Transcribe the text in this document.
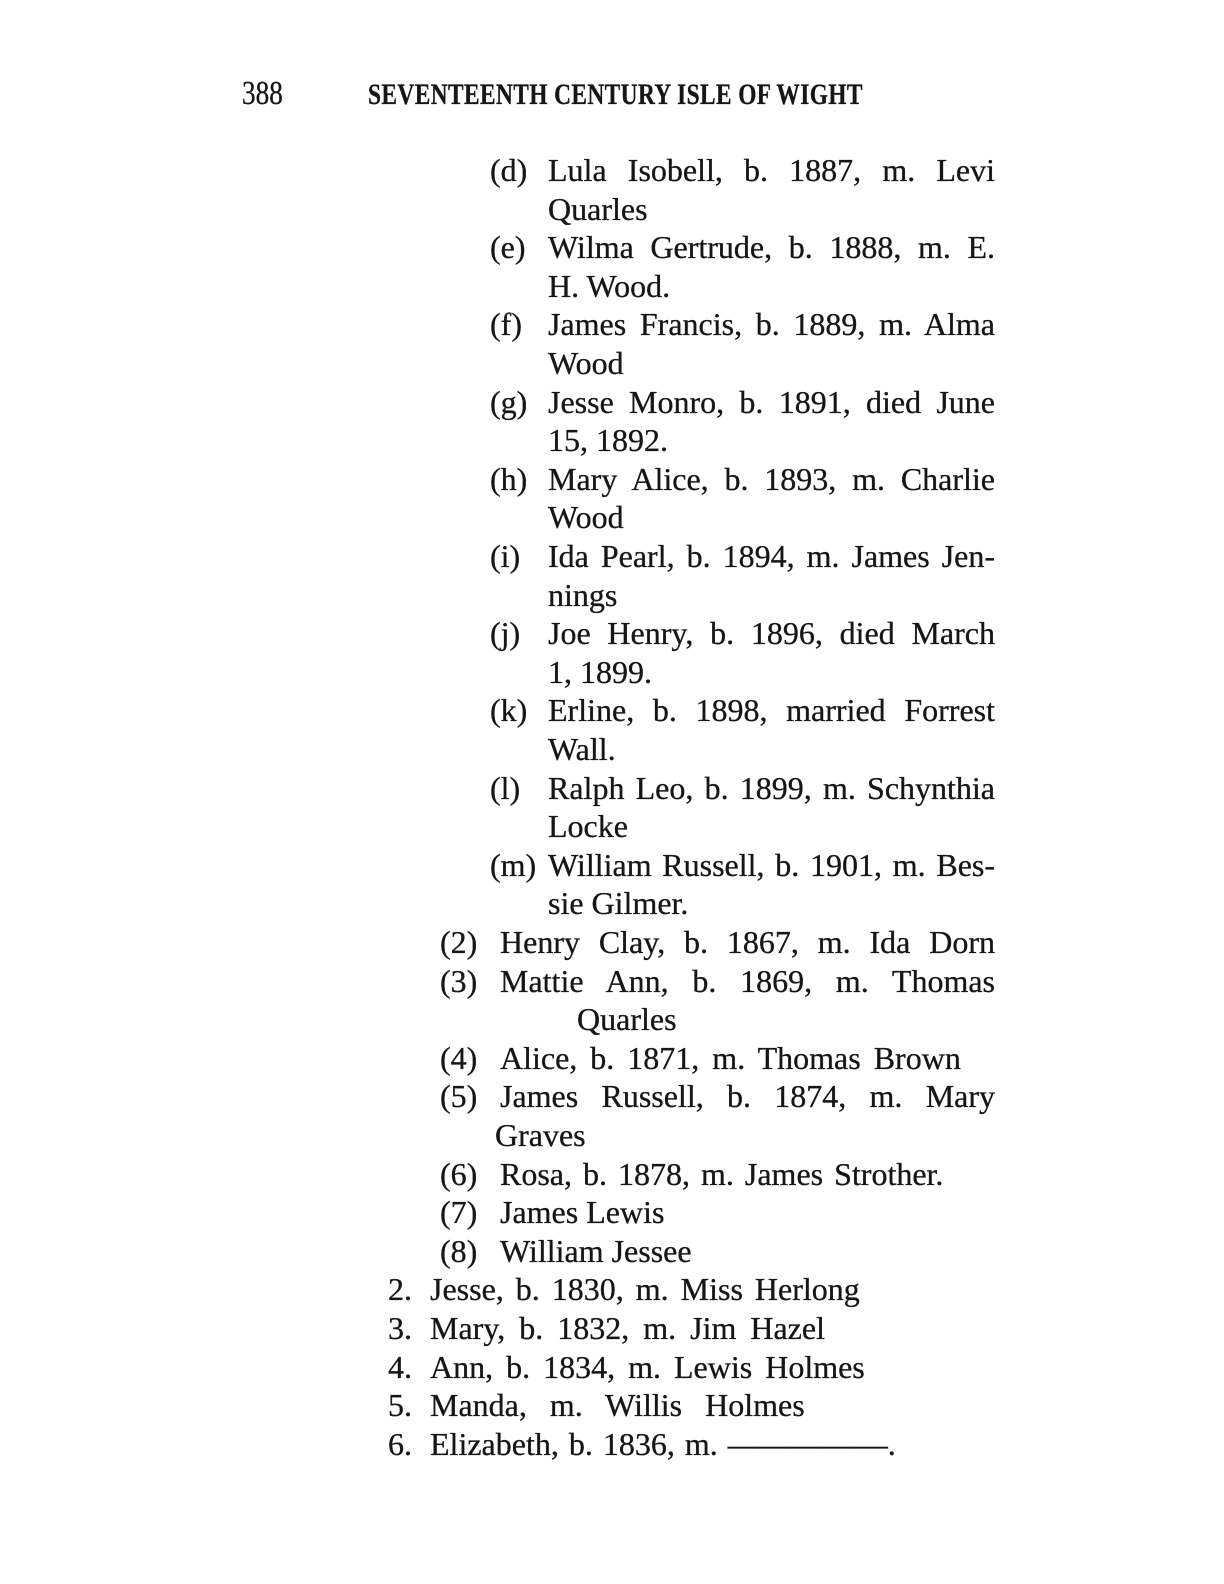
388	SEVENTEENTH CENTURY ISLE OF WIGHT
(d) Lula Isobell, b. 1887, m. Levi
Quarles
(e) Wilma Gertrude, b. 1888, m. E.
H. Wood.
(f) James Francis, b. 1889, m. Alma
Wood
(g) Jesse Monro, b. 1891, died June
15, 1892.
(h) Mary Alice, b. 1893, m. Charlie
Wood
(i) Ida Pearl, b. 1894, m. James Jen-
nings
(j) Joe Henry, b. 1896, died March
1, 1899.
(k) Erline, b. 1898, married Forrest
Wall.
(l) Ralph Leo, b. 1899, m. Schynthia
Locke
(m) William Russell, b. 1901, m. Bes-
sie Gilmer.
(2) Henry Clay, b. 1867, m. Ida Dorn
(3) Mattie Ann, b. 1869, m. Thomas
Quarles
(4) Alice, b. 1871, m. Thomas Brown
(5) James Russell, b. 1874, m. Mary
Graves
(6) Rosa, b. 1878, m. James Strother.
(7) James Lewis
(8) William Jessee
2. Jesse, b. 1830, m. Miss Herlong
3. Mary, b. 1832, m. Jim Hazel
4. Ann, b. 1834, m. Lewis Holmes
5. Manda, m. Willis Holmes
6. Elizabeth, b. 1836, m. —————.
